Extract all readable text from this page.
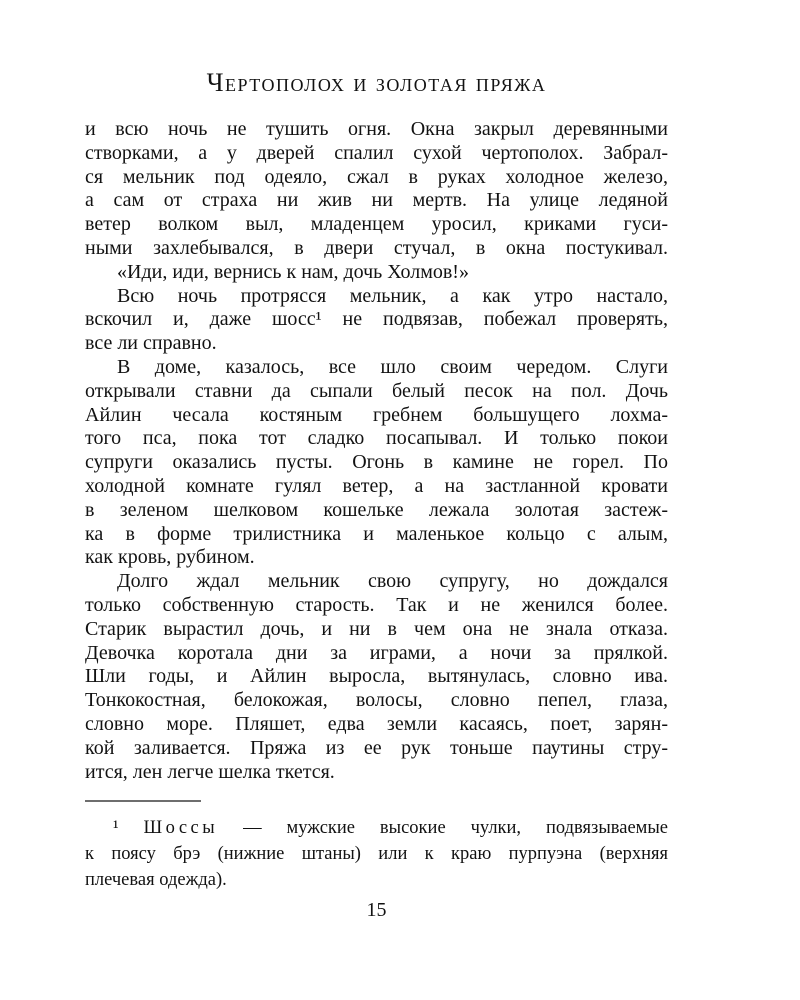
Чертополох и золотая пряжа
и всю ночь не тушить огня. Окна закрыл деревянными
створками, а у дверей спалил сухой чертополох. Забрал-
ся мельник под одеяло, сжал в руках холодное железо,
а сам от страха ни жив ни мертв. На улице ледяной
ветер волком выл, младенцем уросил, криками гуси-
ными захлебывался, в двери стучал, в окна постукивал.
«Иди, иди, вернись к нам, дочь Холмов!»
Всю ночь протрясся мельник, а как утро настало,
вскочил и, даже шосс¹ не подвязав, побежал проверять,
все ли справно.
В доме, казалось, все шло своим чередом. Слуги
открывали ставни да сыпали белый песок на пол. Дочь
Айлин чесала костяным гребнем большущего лохма-
того пса, пока тот сладко посапывал. И только покои
супруги оказались пусты. Огонь в камине не горел. По
холодной комнате гулял ветер, а на застланной кровати
в зеленом шелковом кошельке лежала золотая застеж-
ка в форме трилистника и маленькое кольцо с алым,
как кровь, рубином.
Долго ждал мельник свою супругу, но дождался
только собственную старость. Так и не женился более.
Старик вырастил дочь, и ни в чем она не знала отказа.
Девочка коротала дни за играми, а ночи за прялкой.
Шли годы, и Айлин выросла, вытянулась, словно ива.
Тонкокостная, белокожая, волосы, словно пепел, глаза,
словно море. Пляшет, едва земли касаясь, поет, зарян-
кой заливается. Пряжа из ее рук тоньше паутины стру-
ится, лен легче шелка ткется.
¹ Шоссы — мужские высокие чулки, подвязываемые
к поясу брэ (нижние штаны) или к краю пурпуэна (верхняя
плечевая одежда).
15
